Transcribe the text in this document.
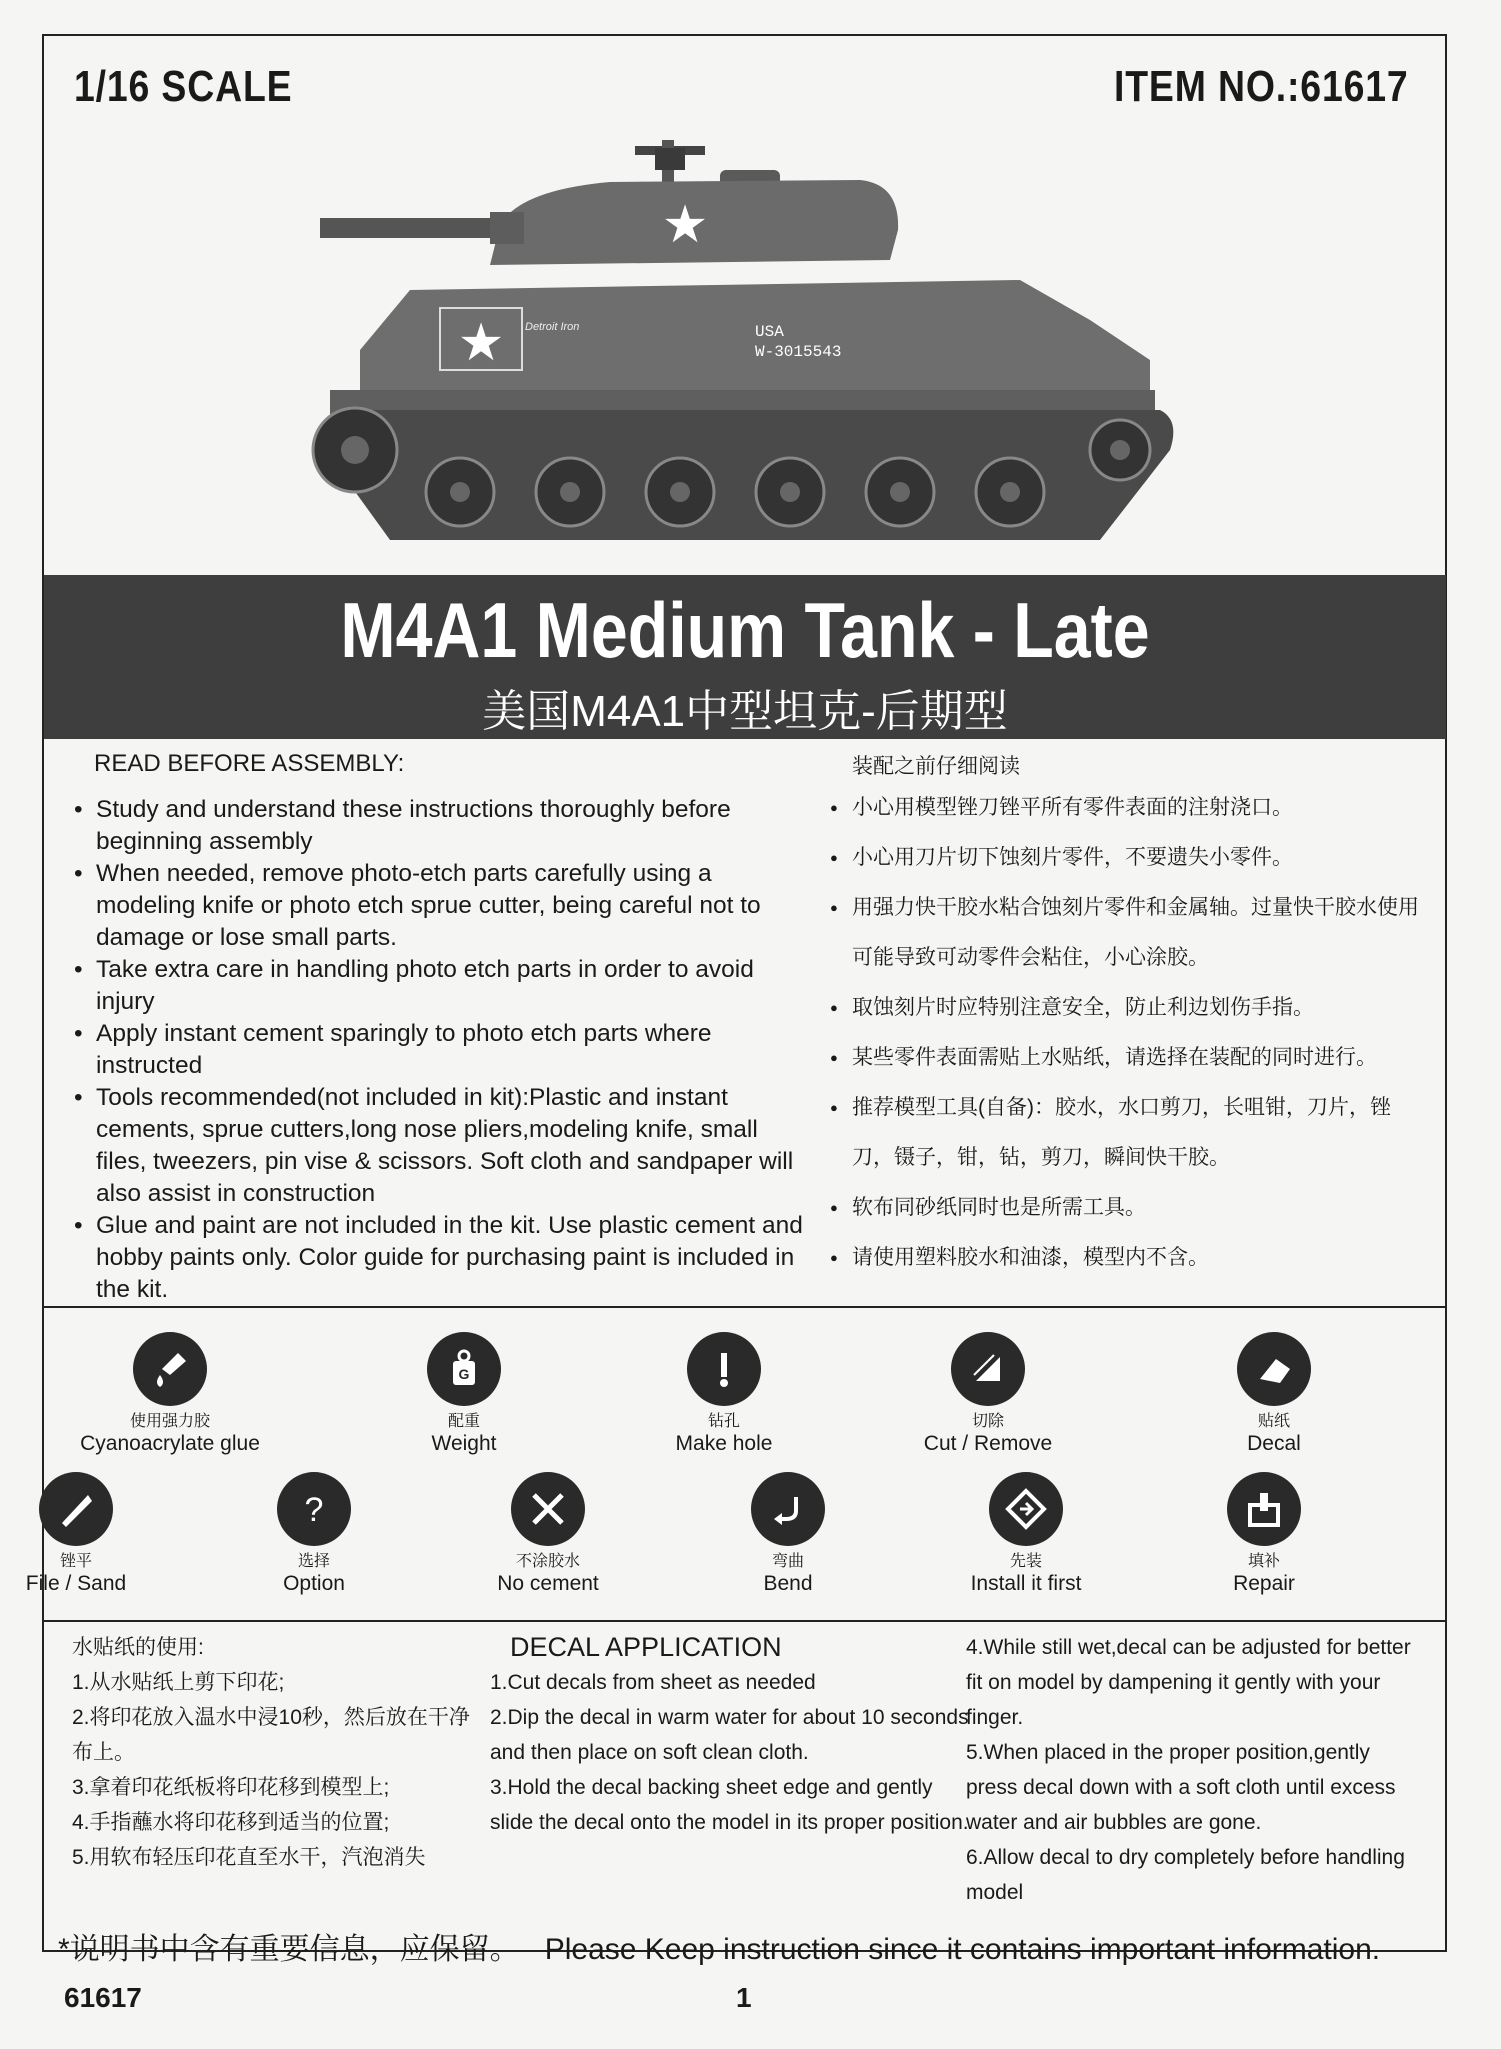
1/16 SCALE	ITEM NO.:61617
★
★ Detroit Iron	USA
W-3015543
M4A1 Medium Tank - Late
美国M4A1中型坦克-后期型
READ BEFORE ASSEMBLY:
• Study and understand these instructions thoroughly before beginning assembly
• When needed, remove photo-etch parts carefully using a modeling knife or photo etch sprue cutter, being careful not to damage or lose small parts.
• Take extra care in handling photo etch parts in order to avoid injury
• Apply instant cement sparingly to photo etch parts where instructed
• Tools recommended(not included in kit):Plastic and instant cements, sprue cutters,long nose pliers,modeling knife, small files, tweezers, pin vise & scissors. Soft cloth and sandpaper will also assist in construction
• Glue and paint are not included in the kit. Use plastic cement and hobby paints only. Color guide for purchasing paint is included in the kit.
装配之前仔细阅读
● 小心用模型锉刀锉平所有零件表面的注射浇口。
● 小心用刀片切下蚀刻片零件，不要遗失小零件。
● 用强力快干胶水粘合蚀刻片零件和金属轴。过量快干胶水使用可能导致可动零件会粘住，小心涂胶。
● 取蚀刻片时应特别注意安全，防止利边划伤手指。
● 某些零件表面需贴上水贴纸，请选择在装配的同时进行。
● 推荐模型工具(自备)：胶水，水口剪刀，长咀钳，刀片，锉刀，镊子，钳，钻，剪刀，瞬间快干胶。
● 软布同砂纸同时也是所需工具。
● 请使用塑料胶水和油漆，模型内不含。
使用强力胶
Cyanoacrylate glue
G
配重
Weight
钻孔
Make hole
切除
Cut / Remove
贴纸
Decal
锉平
File / Sand
?
选择
Option
不涂胶水
No cement
弯曲
Bend
先装
Install it first
填补
Repair

水贴纸的使用:

1.从水贴纸上剪下印花;

2.将印花放入温水中浸10秒，然后放在干净布上。

3.拿着印花纸板将印花移到模型上;

4.手指蘸水将印花移到适当的位置;

5.用软布轻压印花直至水干，汽泡消失

DECAL APPLICATION

1.Cut decals from sheet as needed

2.Dip the decal in warm water for about 10 seconds and then place on soft clean cloth.

3.Hold the decal backing sheet edge and gently slide the decal onto the model in its proper position.

4.While still wet,decal can be adjusted for better fit on model by dampening it gently with your finger.

5.When placed in the proper position,gently press decal down with a soft cloth until excess water and air bubbles are gone.

6.Allow decal to dry completely before handling model

*说明书中含有重要信息，应保留。 Please Keep instruction since it contains important information.
61617	1
